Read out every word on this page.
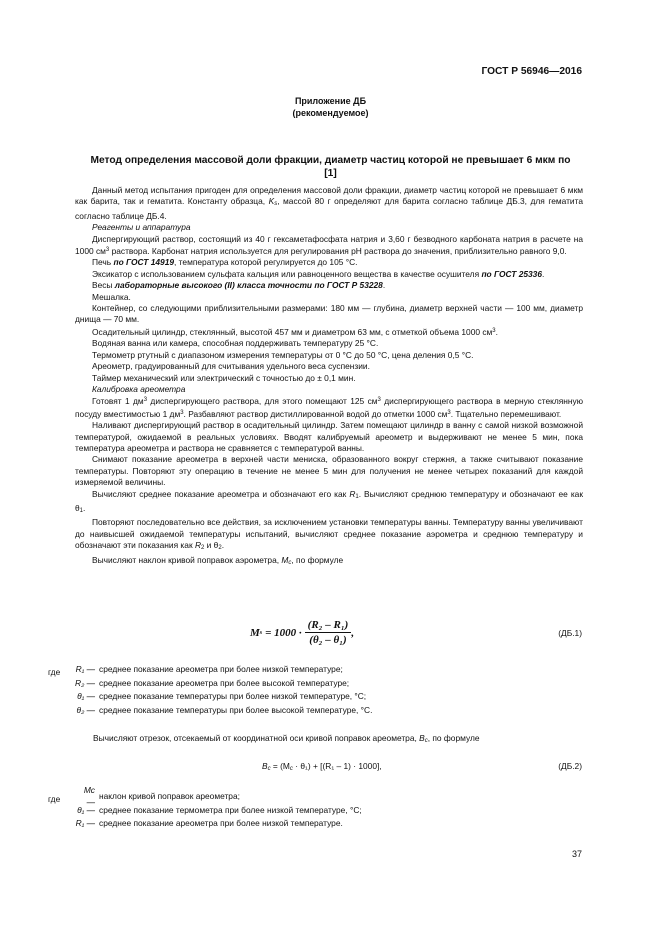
ГОСТ Р 56946—2016
Приложение ДБ
(рекомендуемое)
Метод определения массовой доли фракции, диаметр частиц которой не превышает 6 мкм по [1]

Данный метод испытания пригоден для определения массовой доли фракции, диаметр частиц которой не превышает 6 мкм как барита, так и гематита. Константу образца, $K_s$, массой 80 г определяют для барита согласно таблице ДБ.3, для гематита согласно таблице ДБ.4.

Реагенты и аппаратура

Диспергирующий раствор, состоящий из 40 г гексаметафосфата натрия и 3,60 г безводного карбоната натрия в расчете на 1000 $см^3$ раствора. Карбонат натрия используется для регулирования pH раствора до значения, приблизительно равного 9,0.

Печь по ГОСТ 14919, температура которой регулируется до 105 °С.

Эксикатор с использованием сульфата кальция или равноценного вещества в качестве осушителя по ГОСТ 25336.

Весы лабораторные высокого (II) класса точности по ГОСТ Р 53228.

Мешалка.

Контейнер, со следующими приблизительными размерами: 180 мм — глубина, диаметр верхней части — 100 мм, диаметр днища — 70 мм.

Осадительный цилиндр, стеклянный, высотой 457 мм и диаметром 63 мм, с отметкой объема 1000 $см^3$.

Водяная ванна или камера, способная поддерживать температуру 25 °С.

Термометр ртутный с диапазоном измерения температуры от 0 °С до 50 °С, цена деления 0,5 °С.

Ареометр, градуированный для считывания удельного веса суспензии.

Таймер механический или электрический с точностью до ± 0,1 мин.

Калибровка ареометра

Готовят 1 $дм^3$ диспергирующего раствора, для этого помещают 125 $см^3$ диспергирующего раствора в мерную стеклянную посуду вместимостью 1 $дм^3$. Разбавляют раствор дистиллированной водой до отметки 1000 $см^3$. Тщательно перемешивают.

Наливают диспергирующий раствор в осадительный цилиндр. Затем помещают цилиндр в ванну с самой низкой возможной температурой, ожидаемой в реальных условиях. Вводят калибруемый ареометр и выдерживают не менее 5 мин, пока температура ареометра и раствора не сравняется с температурой ванны.

Снимают показание ареометра в верхней части мениска, образованного вокруг стержня, а также считывают показание температуры. Повторяют эту операцию в течение не менее 5 мин для получения не менее четырех показаний для каждой измеряемой величины.

Вычисляют среднее показание ареометра и обозначают его как $R_1$. Вычисляют среднюю температуру и обозначают ее как $\theta_1$.

Повторяют последовательно все действия, за исключением установки температуры ванны. Температуру ванны увеличивают до наивысшей ожидаемой температуры испытаний, вычисляют среднее показание аэрометра и среднюю температуру и обозначают эти показания как $R_2$ и $\theta_2$.

Вычисляют наклон кривой поправок аэрометра, $M_c$, по формуле

M $s = 1000 \cdot \frac{\text{(R₂ – R₁)}}{\text{(θ₂ – θ₁)}}$ ,	(ДБ.1)
где R₁ — среднее показание ареометра при более низкой температуре;
R₂ — среднее показание ареометра при более высокой температуре;
θ₁ — среднее показание температуры при более низкой температуре, °С;
θ₂ — среднее показание температуры при более высокой температуре, °С.
Вычисляют отрезок, отсекаемый от координатной оси кривой поправок ареометра, $B_c$, по формуле
$B_c = (M_c \cdot \theta_1) + [(R_1 - 1) \cdot 1000]$,	(ДБ.2)
где
Mc —
наклон кривой поправок ареометра;
θ₁ — среднее показание термометра при более низкой температуре, °С;
R₁ — среднее показание ареометра при более низкой температуре.
37
